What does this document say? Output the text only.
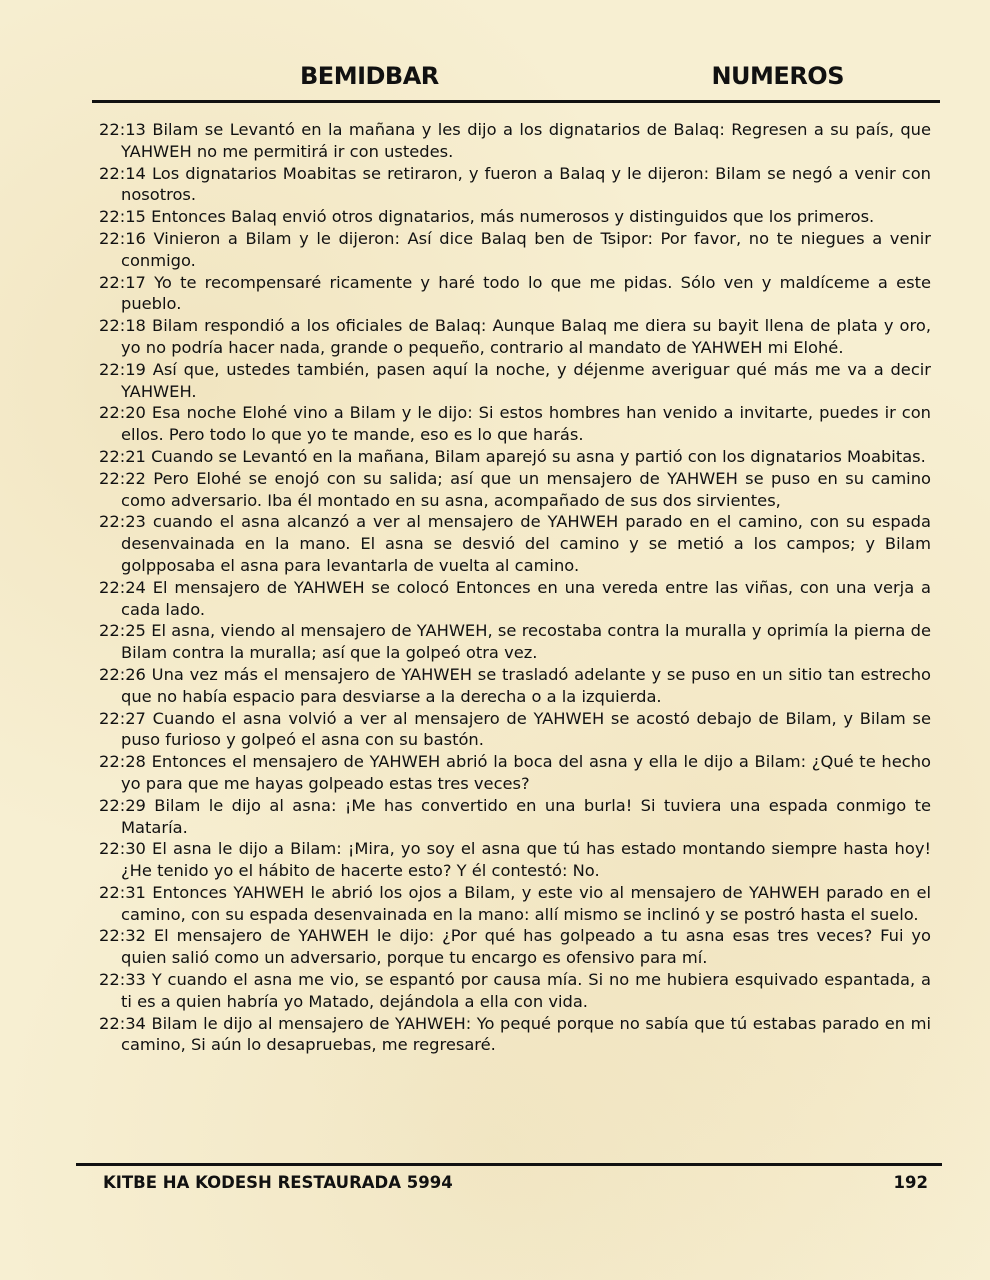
BEMIDBAR	NUMEROS

22:13 Bilam se Levantó en la mañana y les dijo a los dignatarios de Balaq: Regresen a su país, que YAHWEH no me permitirá ir con ustedes.

22:14 Los dignatarios Moabitas se retiraron, y fueron a Balaq y le dijeron: Bilam se negó a venir con nosotros.

22:15 Entonces Balaq envió otros dignatarios, más numerosos y distinguidos que los primeros.

22:16 Vinieron a Bilam y le dijeron: Así dice Balaq ben de Tsipor: Por favor, no te niegues a venir conmigo.

22:17 Yo te recompensaré ricamente y haré todo lo que me pidas. Sólo ven y maldíceme a este pueblo.

22:18 Bilam respondió a los oficiales de Balaq: Aunque Balaq me diera su bayit llena de plata y oro, yo no podría hacer nada, grande o pequeño, contrario al mandato de YAHWEH mi Elohé.

22:19 Así que, ustedes también, pasen aquí la noche, y déjenme averiguar qué más me va a decir YAHWEH.

22:20 Esa noche Elohé vino a Bilam y le dijo: Si estos hombres han venido a invitarte, puedes ir con ellos. Pero todo lo que yo te mande, eso es lo que harás.

22:21 Cuando se Levantó en la mañana, Bilam aparejó su asna y partió con los dignatarios Moabitas.

22:22 Pero Elohé se enojó con su salida; así que un mensajero de YAHWEH se puso en su camino como adversario. Iba él montado en su asna, acompañado de sus dos sirvientes,

22:23 cuando el asna alcanzó a ver al mensajero de YAHWEH parado en el camino, con su espada desenvainada en la mano. El asna se desvió del camino y se metió a los campos; y Bilam golpposaba el asna para levantarla de vuelta al camino.

22:24 El mensajero de YAHWEH se colocó Entonces en una vereda entre las viñas, con una verja a cada lado.

22:25 El asna, viendo al mensajero de YAHWEH, se recostaba contra la muralla y oprimía la pierna de Bilam contra la muralla; así que la golpeó otra vez.

22:26 Una vez más el mensajero de YAHWEH se trasladó adelante y se puso en un sitio tan estrecho que no había espacio para desviarse a la derecha o a la izquierda.

22:27 Cuando el asna volvió a ver al mensajero de YAHWEH se acostó debajo de Bilam, y Bilam se puso furioso y golpeó el asna con su bastón.

22:28 Entonces el mensajero de YAHWEH abrió la boca del asna y ella le dijo a Bilam: ¿Qué te hecho yo para que me hayas golpeado estas tres veces?

22:29 Bilam le dijo al asna: ¡Me has convertido en una burla! Si tuviera una espada conmigo te Mataría.

22:30 El asna le dijo a Bilam: ¡Mira, yo soy el asna que tú has estado montando siempre hasta hoy! ¿He tenido yo el hábito de hacerte esto? Y él contestó: No.

22:31 Entonces YAHWEH le abrió los ojos a Bilam, y este vio al mensajero de YAHWEH parado en el camino, con su espada desenvainada en la mano: allí mismo se inclinó y se postró hasta el suelo.

22:32 El mensajero de YAHWEH le dijo: ¿Por qué has golpeado a tu asna esas tres veces? Fui yo quien salió como un adversario, porque tu encargo es ofensivo para mí.

22:33 Y cuando el asna me vio, se espantó por causa mía. Si no me hubiera esquivado espantada, a ti es a quien habría yo Matado, dejándola a ella con vida.

22:34 Bilam le dijo al mensajero de YAHWEH: Yo pequé porque no sabía que tú estabas parado en mi camino, Si aún lo desapruebas, me regresaré.

KITBE HA KODESH RESTAURADA 5994	192
